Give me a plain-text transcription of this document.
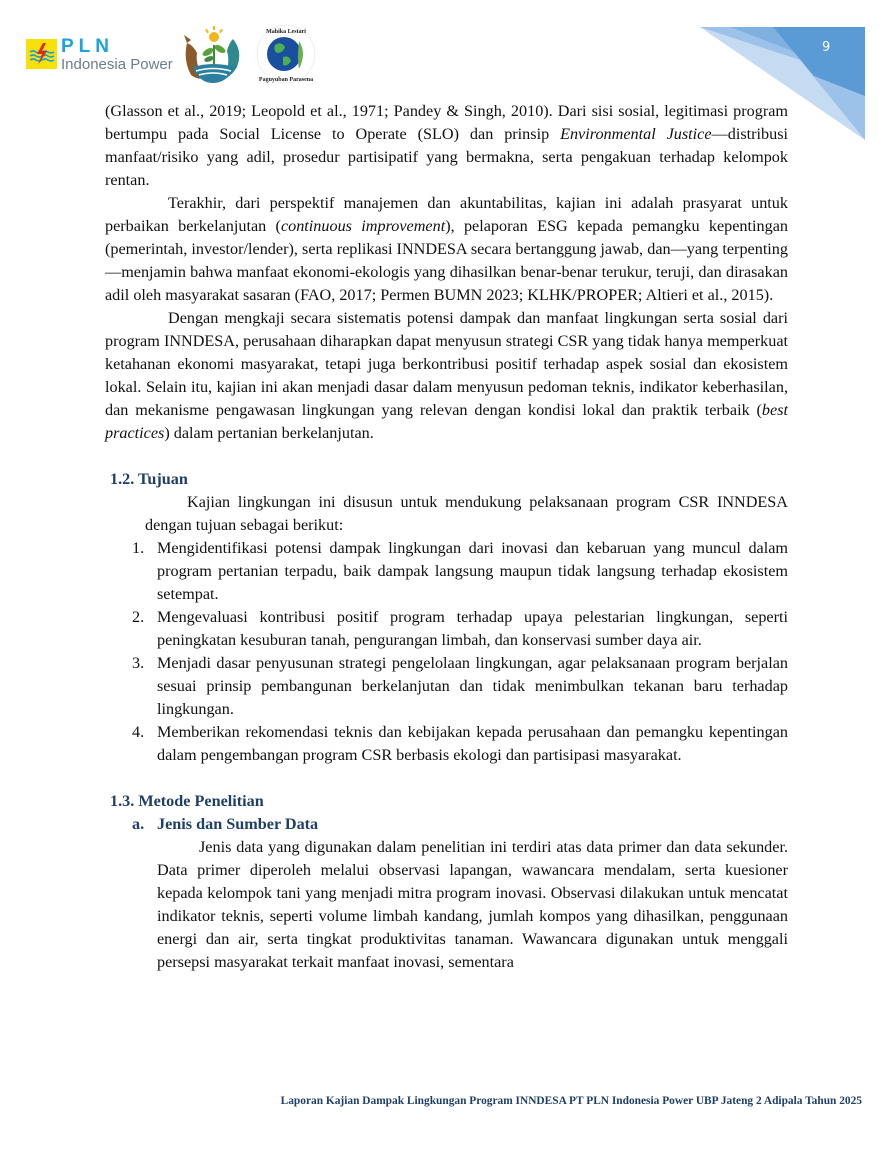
PLN
Indonesia Power
Mahika Lestari
Paguyuban Parasena
9

(Glasson et al., 2019; Leopold et al., 1971; Pandey & Singh, 2010). Dari sisi sosial, legitimasi program bertumpu pada Social License to Operate (SLO) dan prinsip Environmental Justice—distribusi manfaat/risiko yang adil, prosedur partisipatif yang bermakna, serta pengakuan terhadap kelompok rentan.

Terakhir, dari perspektif manajemen dan akuntabilitas, kajian ini adalah prasyarat untuk perbaikan berkelanjutan (continuous improvement), pelaporan ESG kepada pemangku kepentingan (pemerintah, investor/lender), serta replikasi INNDESA secara bertanggung jawab, dan—yang terpenting—menjamin bahwa manfaat ekonomi-ekologis yang dihasilkan benar-benar terukur, teruji, dan dirasakan adil oleh masyarakat sasaran (FAO, 2017; Permen BUMN 2023; KLHK/PROPER; Altieri et al., 2015).

Dengan mengkaji secara sistematis potensi dampak dan manfaat lingkungan serta sosial dari program INNDESA, perusahaan diharapkan dapat menyusun strategi CSR yang tidak hanya memperkuat ketahanan ekonomi masyarakat, tetapi juga berkontribusi positif terhadap aspek sosial dan ekosistem lokal. Selain itu, kajian ini akan menjadi dasar dalam menyusun pedoman teknis, indikator keberhasilan, dan mekanisme pengawasan lingkungan yang relevan dengan kondisi lokal dan praktik terbaik (best practices) dalam pertanian berkelanjutan.

1.2. Tujuan

Kajian lingkungan ini disusun untuk mendukung pelaksanaan program CSR INNDESA dengan tujuan sebagai berikut:

1. Mengidentifikasi potensi dampak lingkungan dari inovasi dan kebaruan yang muncul dalam program pertanian terpadu, baik dampak langsung maupun tidak langsung terhadap ekosistem setempat.
2. Mengevaluasi kontribusi positif program terhadap upaya pelestarian lingkungan, seperti peningkatan kesuburan tanah, pengurangan limbah, dan konservasi sumber daya air.
3. Menjadi dasar penyusunan strategi pengelolaan lingkungan, agar pelaksanaan program berjalan sesuai prinsip pembangunan berkelanjutan dan tidak menimbulkan tekanan baru terhadap lingkungan.
4. Memberikan rekomendasi teknis dan kebijakan kepada perusahaan dan pemangku kepentingan dalam pengembangan program CSR berbasis ekologi dan partisipasi masyarakat.
1.3. Metode Penelitian
a. Jenis dan Sumber Data

Jenis data yang digunakan dalam penelitian ini terdiri atas data primer dan data sekunder. Data primer diperoleh melalui observasi lapangan, wawancara mendalam, serta kuesioner kepada kelompok tani yang menjadi mitra program inovasi. Observasi dilakukan untuk mencatat indikator teknis, seperti volume limbah kandang, jumlah kompos yang dihasilkan, penggunaan energi dan air, serta tingkat produktivitas tanaman. Wawancara digunakan untuk menggali persepsi masyarakat terkait manfaat inovasi, sementara

Laporan Kajian Dampak Lingkungan Program INNDESA PT PLN Indonesia Power UBP Jateng 2 Adipala Tahun 2025
